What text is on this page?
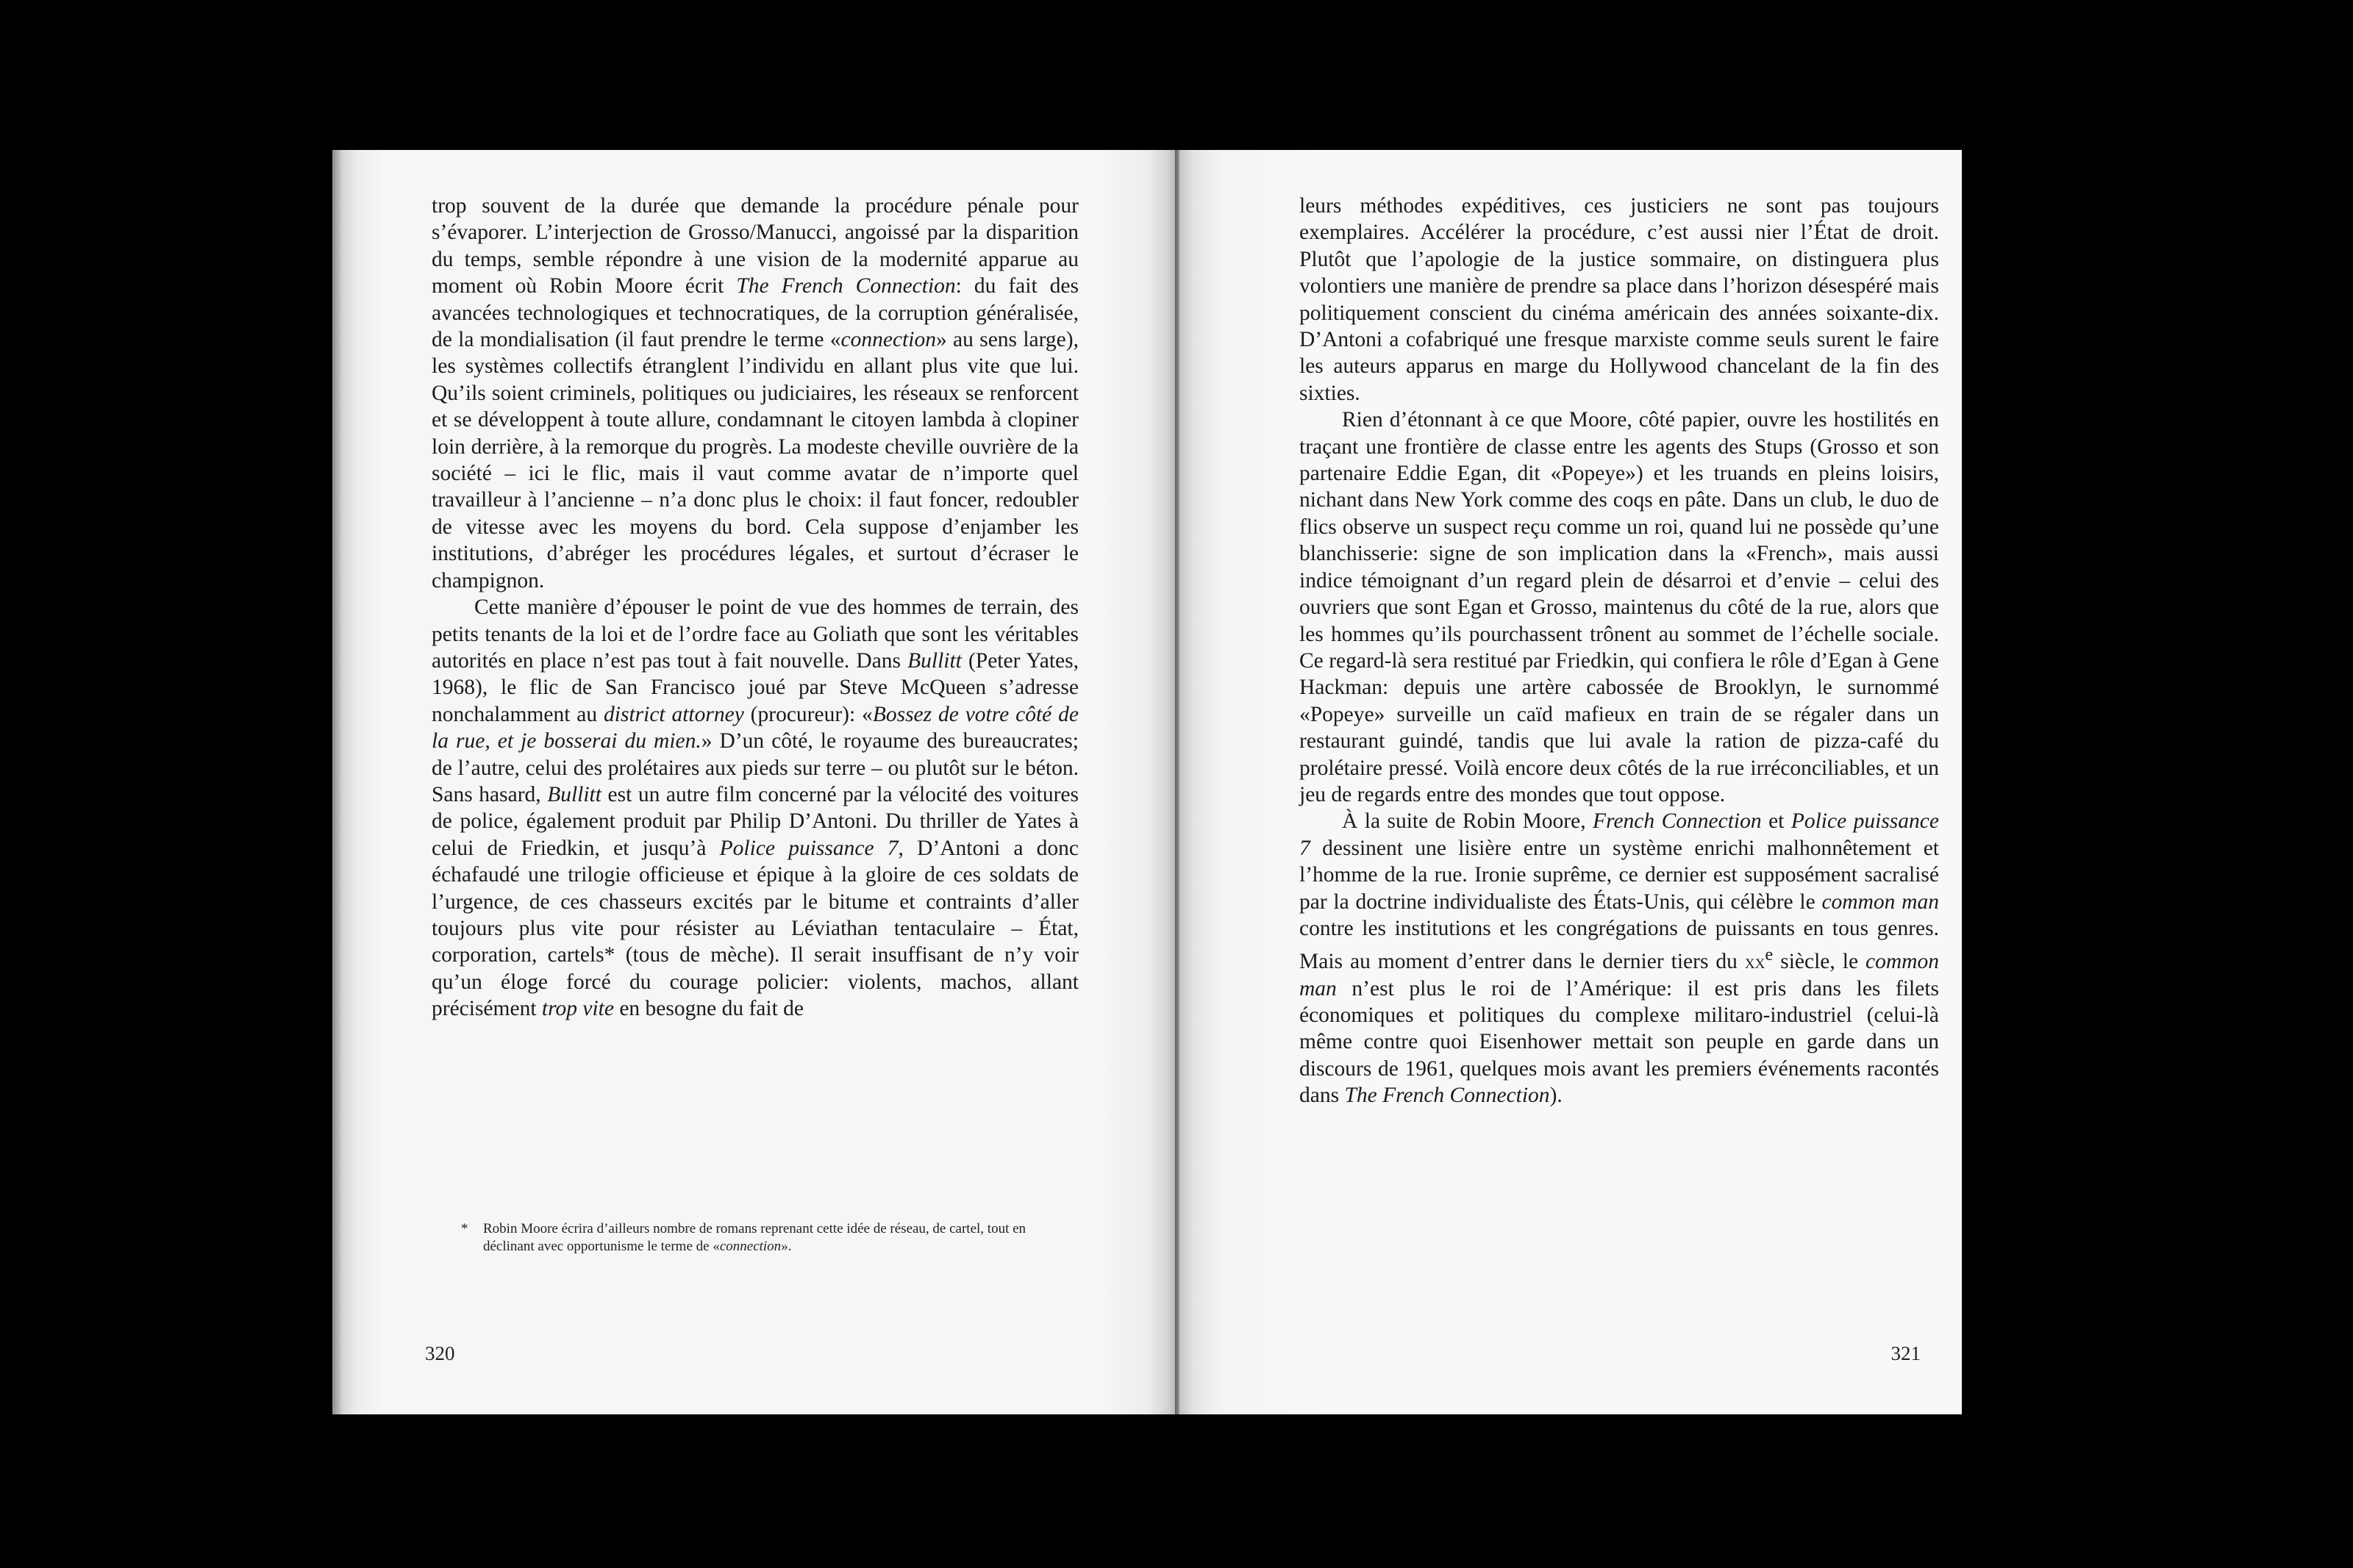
trop souvent de la durée que demande la procédure pénale pour s’évaporer. L’interjection de Grosso/Manucci, angoissé par la disparition du temps, semble répondre à une vision de la modernité apparue au moment où Robin Moore écrit The French Connection: du fait des avancées technologiques et technocratiques, de la corruption généralisée, de la mondialisation (il faut prendre le terme «connection» au sens large), les systèmes collectifs étranglent l’individu en allant plus vite que lui. Qu’ils soient criminels, politiques ou judiciaires, les réseaux se renforcent et se développent à toute allure, condamnant le citoyen lambda à clopiner loin derrière, à la remorque du progrès. La modeste cheville ouvrière de la société – ici le flic, mais il vaut comme avatar de n’importe quel travailleur à l’ancienne – n’a donc plus le choix: il faut foncer, redoubler de vitesse avec les moyens du bord. Cela suppose d’enjamber les institutions, d’abréger les procédures légales, et surtout d’écraser le champignon.

Cette manière d’épouser le point de vue des hommes de terrain, des petits tenants de la loi et de l’ordre face au Goliath que sont les véritables autorités en place n’est pas tout à fait nouvelle. Dans Bullitt (Peter Yates, 1968), le flic de San Francisco joué par Steve McQueen s’adresse nonchalamment au district attorney (procureur): «Bossez de votre côté de la rue, et je bosserai du mien.» D’un côté, le royaume des bureaucrates; de l’autre, celui des prolétaires aux pieds sur terre – ou plutôt sur le béton. Sans hasard, Bullitt est un autre film concerné par la vélocité des voitures de police, également produit par Philip D’Antoni. Du thriller de Yates à celui de Friedkin, et jusqu’à Police puissance 7, D’Antoni a donc échafaudé une trilogie officieuse et épique à la gloire de ces soldats de l’urgence, de ces chasseurs excités par le bitume et contraints d’aller toujours plus vite pour résister au Léviathan tentaculaire – État, corporation, cartels* (tous de mèche). Il serait insuffisant de n’y voir qu’un éloge forcé du courage policier: violents, machos, allant précisément trop vite en besogne du fait de

* Robin Moore écrira d’ailleurs nombre de romans reprenant cette idée de réseau, de cartel, tout en déclinant avec opportunisme le terme de «connection».
320

leurs méthodes expéditives, ces justiciers ne sont pas toujours exemplaires. Accélérer la procédure, c’est aussi nier l’État de droit. Plutôt que l’apologie de la justice sommaire, on distinguera plus volontiers une manière de prendre sa place dans l’horizon désespéré mais politiquement conscient du cinéma américain des années soixante-dix. D’Antoni a cofabriqué une fresque marxiste comme seuls surent le faire les auteurs apparus en marge du Hollywood chancelant de la fin des sixties.

Rien d’étonnant à ce que Moore, côté papier, ouvre les hostilités en traçant une frontière de classe entre les agents des Stups (Grosso et son partenaire Eddie Egan, dit «Popeye») et les truands en pleins loisirs, nichant dans New York comme des coqs en pâte. Dans un club, le duo de flics observe un suspect reçu comme un roi, quand lui ne possède qu’une blanchisserie: signe de son implication dans la «French», mais aussi indice témoignant d’un regard plein de désarroi et d’envie – celui des ouvriers que sont Egan et Grosso, maintenus du côté de la rue, alors que les hommes qu’ils pourchassent trônent au sommet de l’échelle sociale. Ce regard-là sera restitué par Friedkin, qui confiera le rôle d’Egan à Gene Hackman: depuis une artère cabossée de Brooklyn, le surnommé «Popeye» surveille un caïd mafieux en train de se régaler dans un restaurant guindé, tandis que lui avale la ration de pizza-café du prolétaire pressé. Voilà encore deux côtés de la rue irréconciliables, et un jeu de regards entre des mondes que tout oppose.

À la suite de Robin Moore, French Connection et Police puissance 7 dessinent une lisière entre un système enrichi malhonnêtement et l’homme de la rue. Ironie suprême, ce dernier est supposément sacralisé par la doctrine individualiste des États-Unis, qui célèbre le common man contre les institutions et les congrégations de puissants en tous genres. Mais au moment d’entrer dans le dernier tiers du $xx^e$ siècle, le common man n’est plus le roi de l’Amérique: il est pris dans les filets économiques et politiques du complexe militaro-industriel (celui-là même contre quoi Eisenhower mettait son peuple en garde dans un discours de 1961, quelques mois avant les premiers événements racontés dans The French Connection).

321
